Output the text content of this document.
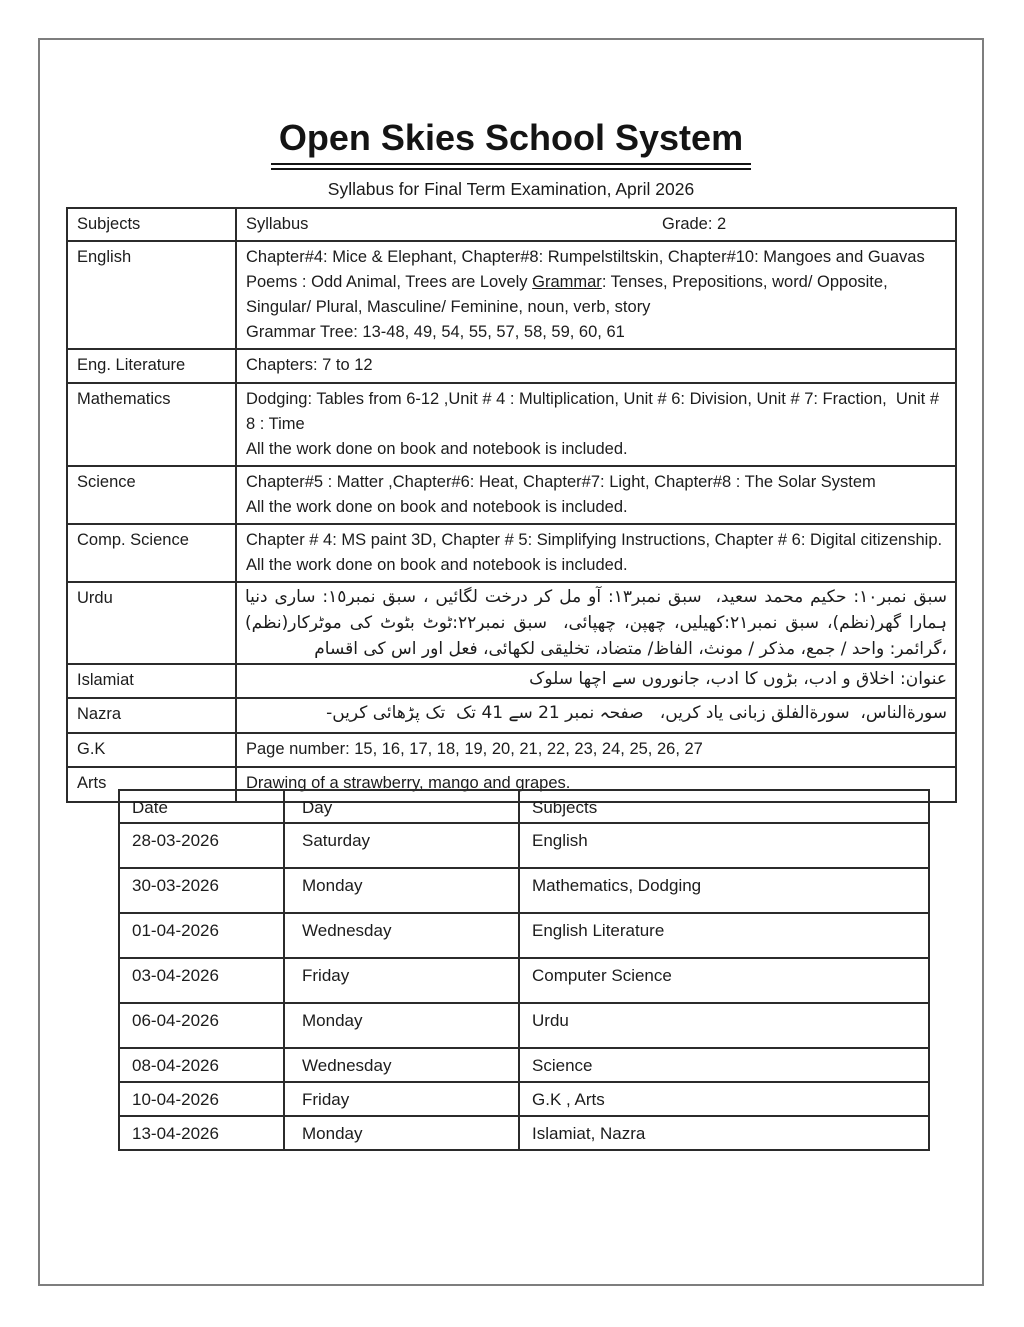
Open Skies School System
Syllabus for Final Term Examination, April 2026
Subjects	Syllabus Grade: 2

English	Chapter#4: Mice & Elephant, Chapter#8: Rumpelstiltskin, Chapter#10: Mangoes and Guavas Poems : Odd Animal, Trees are Lovely Grammar: Tenses, Prepositions, word/ Opposite, Singular/ Plural, Masculine/ Feminine, noun, verb, story
Grammar Tree: 13-48, 49, 54, 55, 57, 58, 59, 60, 61

Eng. Literature	Chapters: 7 to 12

Mathematics	Dodging: Tables from 6-12 ,Unit # 4 : Multiplication, Unit # 6: Division, Unit # 7: Fraction,  Unit # 8 : Time
All the work done on book and notebook is included.

Science	Chapter#5 : Matter ,Chapter#6: Heat, Chapter#7: Light, Chapter#8 : The Solar System
All the work done on book and notebook is included.

Comp. Science	Chapter # 4: MS paint 3D, Chapter # 5: Simplifying Instructions, Chapter # 6: Digital citizenship.  All the work done on book and notebook is included.

Urdu	سبق نمبر١٠: حکیم محمد سعید،  سبق نمبر١٣: آو مل کر درخت لگائیں ، سبق نمبر١٥: ساری دنیا ہمارا گھر(نظم)، سبق نمبر٢١:کھیلیں، چھپن، چھپائی،  سبق نمبر٢٢:ٹوٹ بٹوٹ کی موٹرکار(نظم) ،گرائمر: واحد / جمع، مذکر / مونث، الفاظ/ متضاد، تخلیقی لکھائی، فعل اور اس کی اقسام

Islamiat	عنوان: اخلاق و ادب، بڑوں کا ادب، جانوروں سے اچھا سلوک

Nazra	سورةالناس،  سورةالفلق زبانی یاد کریں،   صفحہ نمبر 21 سے 41 تک  تک پڑھائی کریں-

G.K	Page number: 15, 16, 17, 18, 19, 20, 21, 22, 23, 24, 25, 26, 27

Arts	Drawing of a strawberry, mango and grapes.
Date	Day	Subjects
28-03-2026	Saturday	English
30-03-2026	Monday	Mathematics, Dodging
01-04-2026	Wednesday	English Literature
03-04-2026	Friday	Computer Science
06-04-2026	Monday	Urdu
08-04-2026	Wednesday	Science
10-04-2026	Friday	G.K , Arts
13-04-2026	Monday	Islamiat, Nazra
